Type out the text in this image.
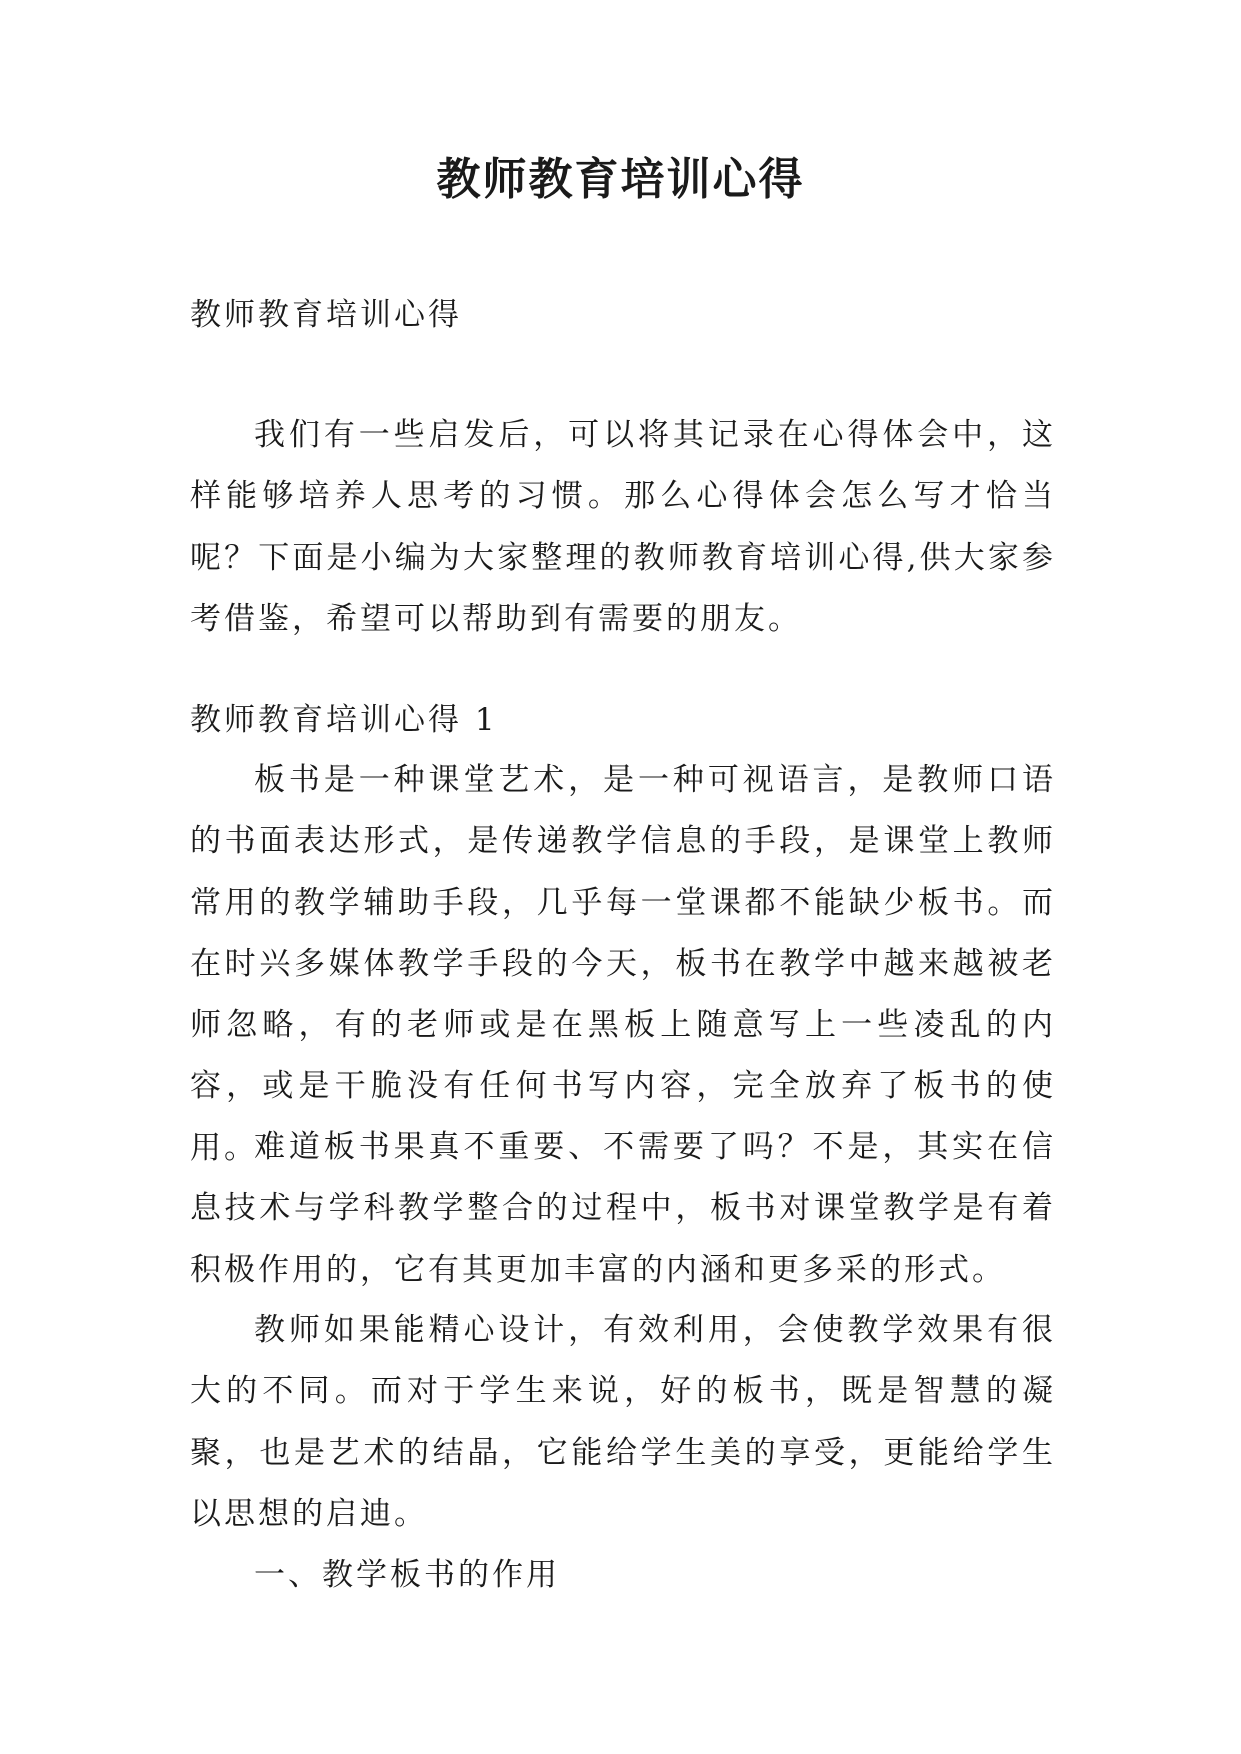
教师教育培训心得

教师教育培训心得

我们有一些启发后，可以将其记录在心得体会中，这样能够培养人思考的习惯。那么心得体会怎么写才恰当呢？下面是小编为大家整理的教师教育培训心得,供大家参考借鉴，希望可以帮助到有需要的朋友。

教师教育培训心得 1

板书是一种课堂艺术，是一种可视语言，是教师口语的书面表达形式，是传递教学信息的手段，是课堂上教师常用的教学辅助手段，几乎每一堂课都不能缺少板书。而在时兴多媒体教学手段的今天，板书在教学中越来越被老师忽略，有的老师或是在黑板上随意写上一些凌乱的内容，或是干脆没有任何书写内容，完全放弃了板书的使用。

难道板书果真不重要、不需要了吗？不是，其实在信息技术与学科教学整合的过程中，板书对课堂教学是有着积极作用的，它有其更加丰富的内涵和更多采的形式。

教师如果能精心设计，有效利用，会使教学效果有很大的不同。而对于学生来说，好的板书，既是智慧的凝聚，也是艺术的结晶，它能给学生美的享受，更能给学生以思想的启迪。

一、教学板书的作用
